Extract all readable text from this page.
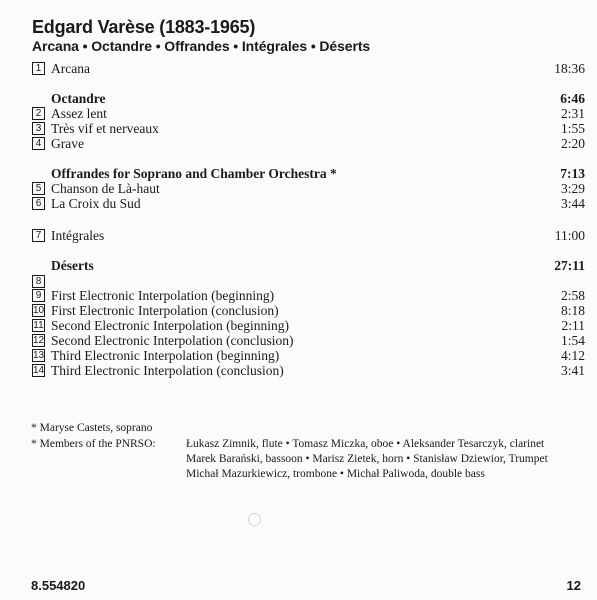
Edgard Varèse (1883-1965)
Arcana • Octandre • Offrandes • Intégrales • Déserts
1 Arcana	18:36
Octandre	6:46
2 Assez lent	2:31
3 Très vif et nerveaux	1:55
4 Grave	2:20
Offrandes for Soprano and Chamber Orchestra *	7:13
5 Chanson de Là-haut	3:29
6 La Croix du Sud	3:44
7 Intégrales	11:00
Déserts	27:11
8
9 First Electronic Interpolation (beginning)	2:58
10 First Electronic Interpolation (conclusion)	8:18
11 Second Electronic Interpolation (beginning)	2:11
12 Second Electronic Interpolation (conclusion)	1:54
13 Third Electronic Interpolation (beginning)	4:12
14 Third Electronic Interpolation (conclusion)	3:41
* Maryse Castets, soprano
* Members of the PNRSO:	Łukasz Zimnik, flute • Tomasz Miczka, oboe • Aleksander Tesarczyk, clarinet
Marek Barański, bassoon • Marisz Zietek, horn • Stanisław Dziewior, Trumpet
Michał Mazurkiewicz, trombone • Michał Paliwoda, double bass
8.554820	12
